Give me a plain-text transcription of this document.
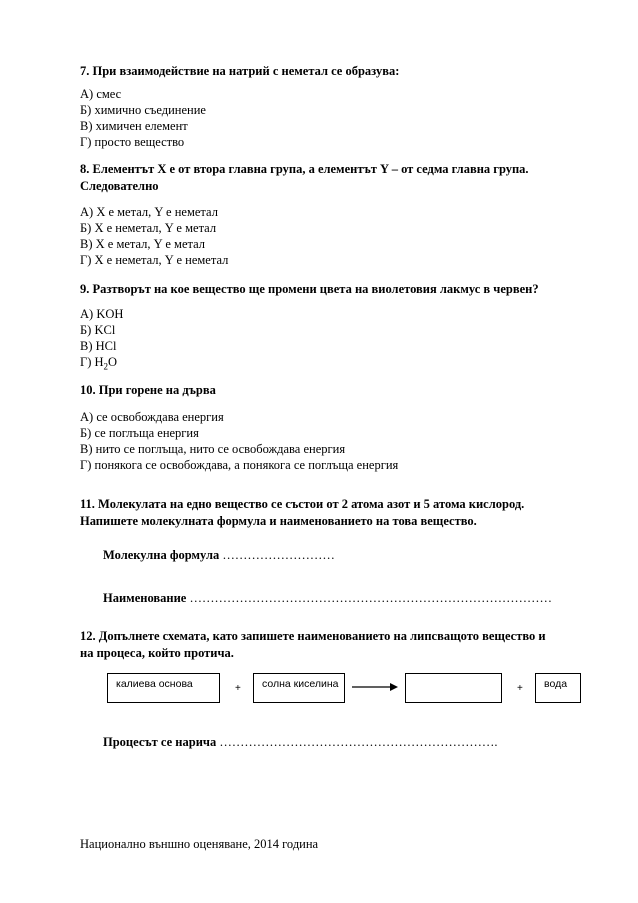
7. При взаимодействие на натрий с неметал се образува:
А) смес
Б) химично съединение
В) химичен елемент
Г) просто вещество
8. Елементът X е от втора главна група, а елементът Y – от седма главна група.
Следователно
А) X е метал, Y е неметал
Б) X е неметал, Y е метал
В) X е метал, Y е метал
Г) X е неметал, Y е неметал
9. Разтворът на кое вещество ще промени цвета на виолетовия лакмус в червен?
А) KOH
Б) KCl
В) HCl
Г) $H_2O$
10. При горене на дърва
А) се освобождава енергия
Б) се поглъща енергия
В) нито се поглъща, нито се освобождава енергия
Г) понякога се освобождава, а понякога се поглъща енергия
11. Молекулата на едно вещество се състои от 2 атома азот и 5 атома кислород.
Напишете молекулната формула и наименованието на това вещество.
Молекулна формула ………………………
Наименование ……………………………………………………………………………
12. Допълнете схемата, като запишете наименованието на липсващото вещество и
на процеса, който протича.
калиева основа	+	солна киселина	→	+	вода
Процесът се нарича ………………………………………………………….
Национално външно оценяване, 2014 година
